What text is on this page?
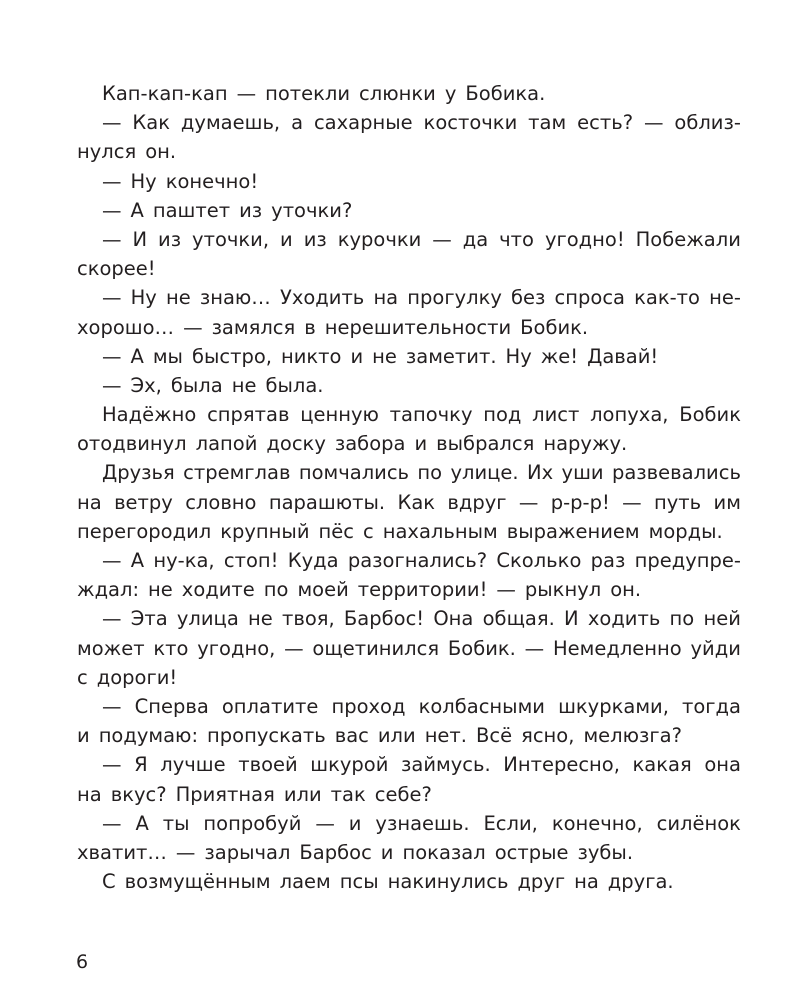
Кап-кап-кап — потекли слюнки у Бобика.
— Как думаешь, а сахарные косточки там есть? — облиз-
нулся он.
— Ну конечно!
— А паштет из уточки?
— И из уточки, и из курочки — да что угодно! Побежали
скорее!
— Ну не знаю… Уходить на прогулку без спроса как-то не-
хорошо… — замялся в нерешительности Бобик.
— А мы быстро, никто и не заметит. Ну же! Давай!
— Эх, была не была.
Надёжно спрятав ценную тапочку под лист лопуха, Бобик
отодвинул лапой доску забора и выбрался наружу.
Друзья стремглав помчались по улице. Их уши развевались
на ветру словно парашюты. Как вдруг — р-р-р! — путь им
перегородил крупный пёс с нахальным выражением морды.
— А ну-ка, стоп! Куда разогнались? Сколько раз предупре-
ждал: не ходите по моей территории! — рыкнул он.
— Эта улица не твоя, Барбос! Она общая. И ходить по ней
может кто угодно, — ощетинился Бобик. — Немедленно уйди
с дороги!
— Сперва оплатите проход колбасными шкурками, тогда
и подумаю: пропускать вас или нет. Всё ясно, мелюзга?
— Я лучше твоей шкурой займусь. Интересно, какая она
на вкус? Приятная или так себе?
— А ты попробуй — и узнаешь. Если, конечно, силёнок
хватит… — зарычал Барбос и показал острые зубы.
С возмущённым лаем псы накинулись друг на друга.
6
